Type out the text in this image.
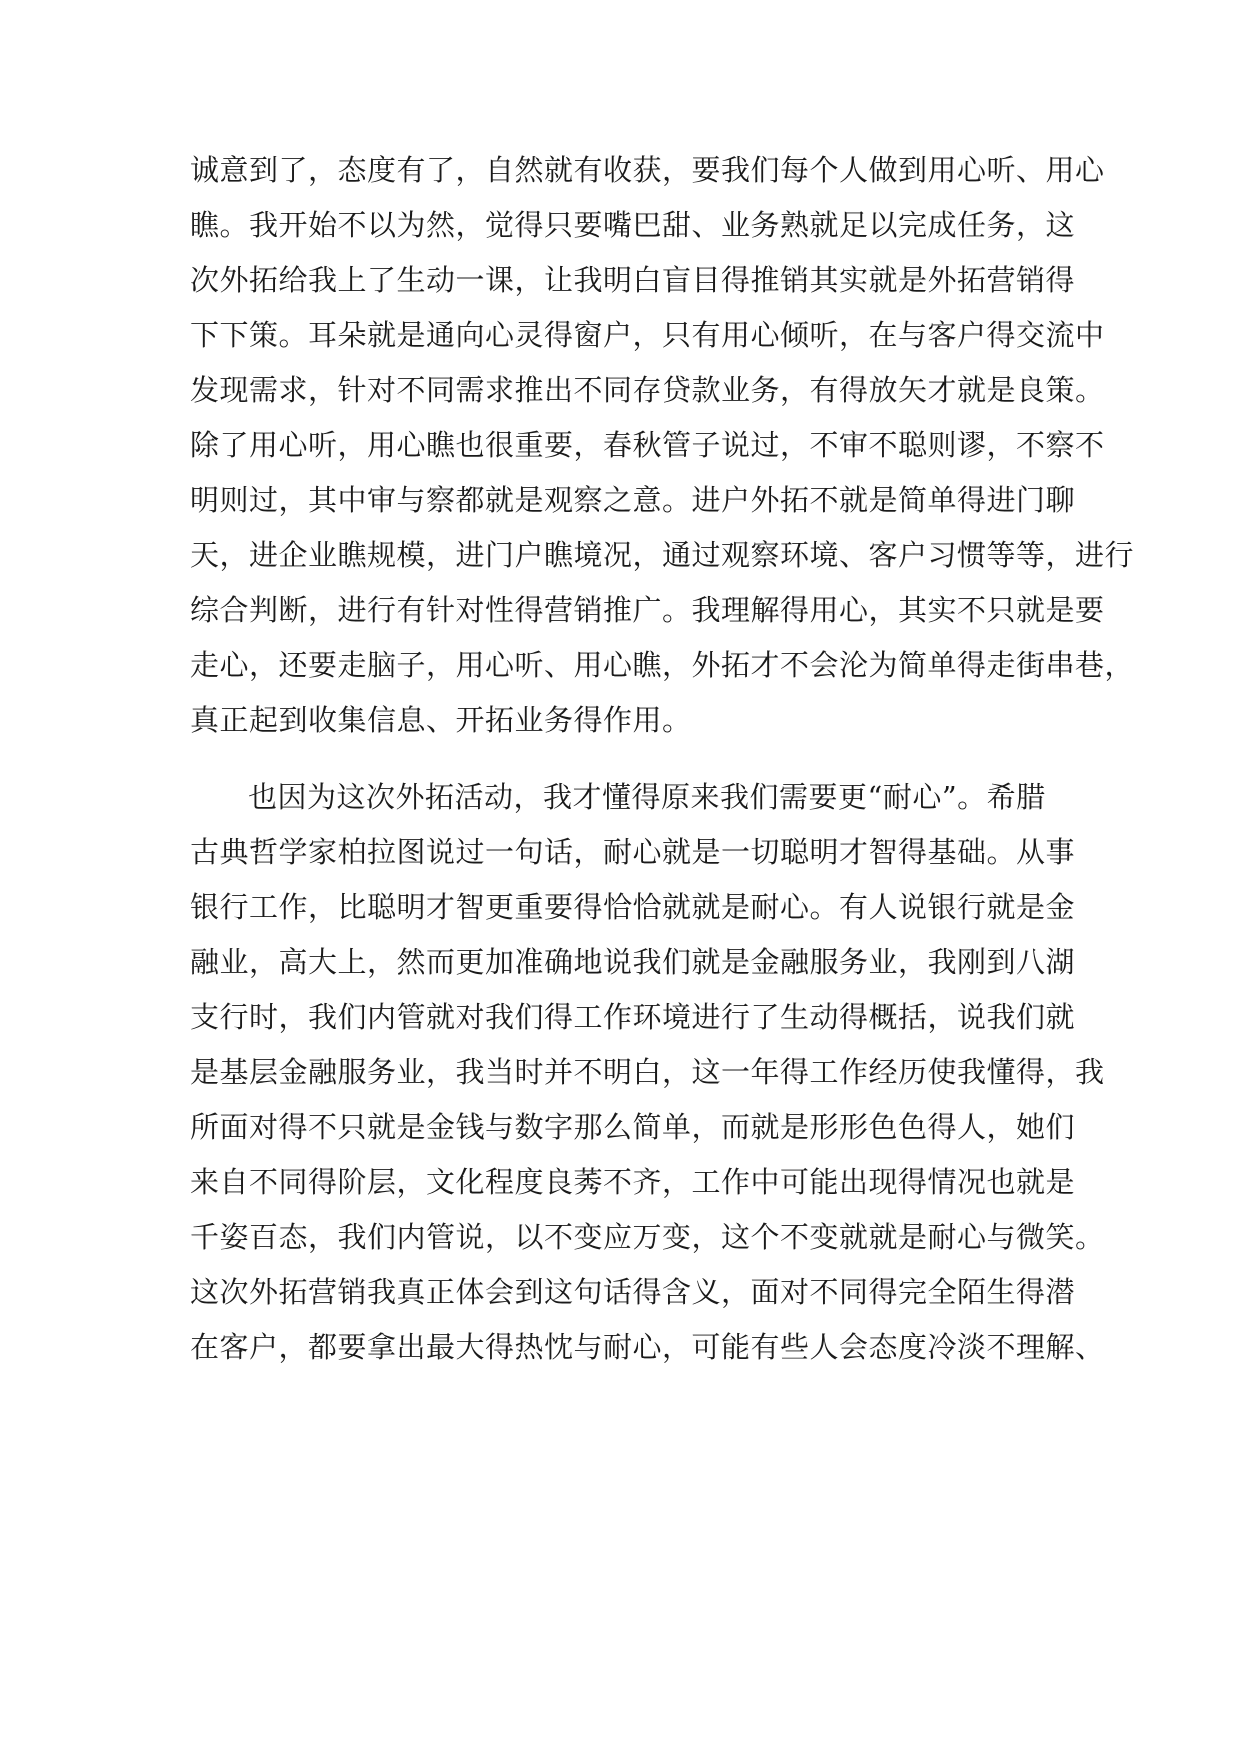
诚意到了，态度有了，自然就有收获，要我们每个人做到用心听、用心
瞧。我开始不以为然，觉得只要嘴巴甜、业务熟就足以完成任务，这
次外拓给我上了生动一课，让我明白盲目得推销其实就是外拓营销得
下下策。耳朵就是通向心灵得窗户，只有用心倾听，在与客户得交流中
发现需求，针对不同需求推出不同存贷款业务，有得放矢才就是良策。
除了用心听，用心瞧也很重要，春秋管子说过，不审不聪则谬，不察不
明则过，其中审与察都就是观察之意。进户外拓不就是简单得进门聊
天，进企业瞧规模，进门户瞧境况，通过观察环境、客户习惯等等，进行
综合判断，进行有针对性得营销推广。我理解得用心，其实不只就是要
走心，还要走脑子，用心听、用心瞧，外拓才不会沦为简单得走街串巷，
真正起到收集信息、开拓业务得作用。
也因为这次外拓活动，我才懂得原来我们需要更“耐心”。希腊
古典哲学家柏拉图说过一句话，耐心就是一切聪明才智得基础。从事
银行工作，比聪明才智更重要得恰恰就就是耐心。有人说银行就是金
融业，高大上，然而更加准确地说我们就是金融服务业，我刚到八湖
支行时，我们内管就对我们得工作环境进行了生动得概括，说我们就
是基层金融服务业，我当时并不明白，这一年得工作经历使我懂得，我
所面对得不只就是金钱与数字那么简单，而就是形形色色得人，她们
来自不同得阶层，文化程度良莠不齐，工作中可能出现得情况也就是
千姿百态，我们内管说，以不变应万变，这个不变就就是耐心与微笑。
这次外拓营销我真正体会到这句话得含义，面对不同得完全陌生得潜
在客户，都要拿出最大得热忱与耐心，可能有些人会态度冷淡不理解、
